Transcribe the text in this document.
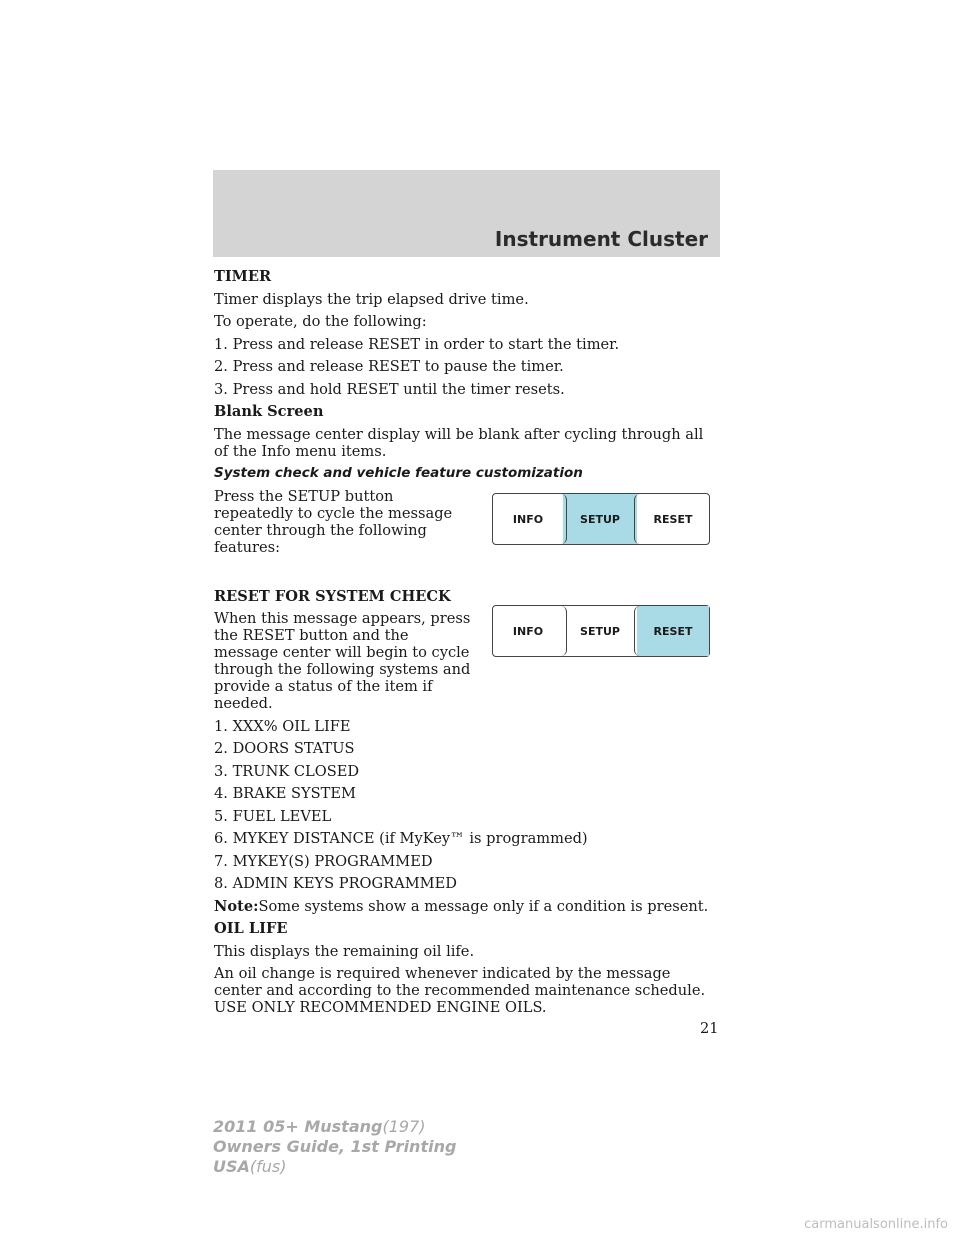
Instrument Cluster

TIMER

Timer displays the trip elapsed drive time.

To operate, do the following:

1. Press and release RESET in order to start the timer.

2. Press and release RESET to pause the timer.

3. Press and hold RESET until the timer resets.

Blank Screen

The message center display will be blank after cycling through all of the Info menu items.

System check and vehicle feature customization

Press the SETUP button repeatedly to cycle the message center through the following features:

RESET FOR SYSTEM CHECK

When this message appears, press the RESET button and the message center will begin to cycle through the following systems and provide a status of the item if needed.

1. XXX% OIL LIFE

2. DOORS STATUS

3. TRUNK CLOSED

4. BRAKE SYSTEM

5. FUEL LEVEL

6. MYKEY DISTANCE (if MyKey™ is programmed)

7. MYKEY(S) PROGRAMMED

8. ADMIN KEYS PROGRAMMED

Note:Some systems show a message only if a condition is present.

OIL LIFE

This displays the remaining oil life.

An oil change is required whenever indicated by the message center and according to the recommended maintenance schedule. USE ONLY RECOMMENDED ENGINE OILS.

INFO	SETUP	RESET
INFO	SETUP	RESET
21
2011 05+ Mustang(197)
Owners Guide, 1st Printing
USA(fus)
carmanualsonline.info
